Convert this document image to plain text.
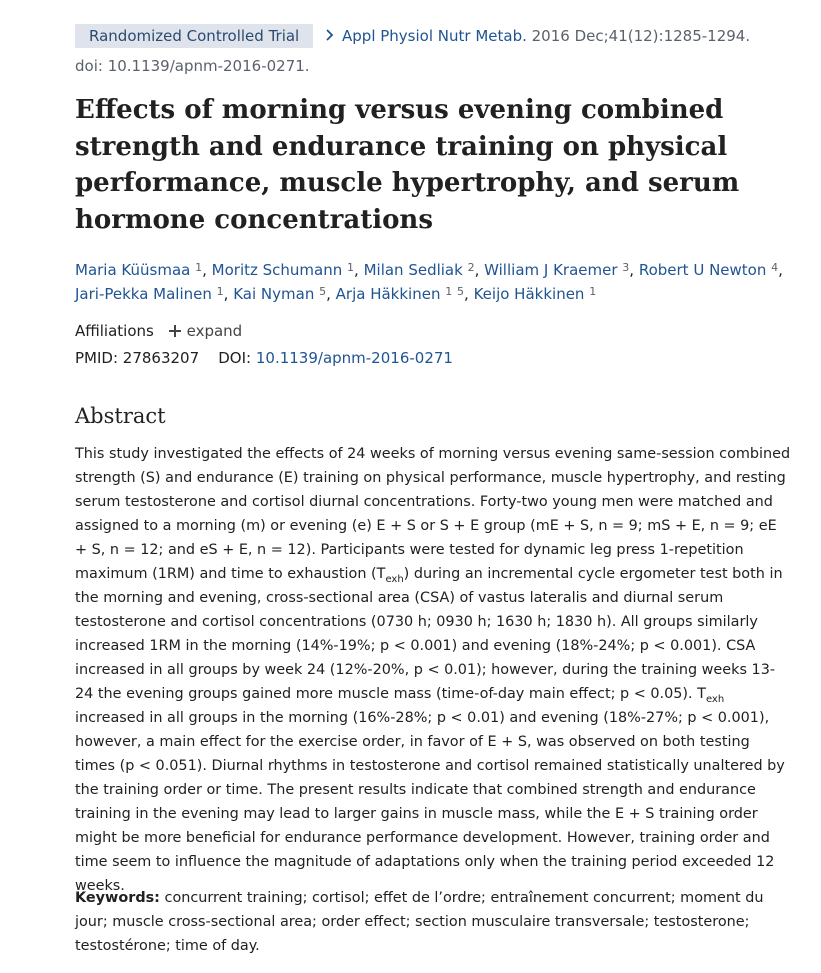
Randomized Controlled Trial	Appl Physiol Nutr Metab. 2016 Dec;41(12):1285-1294.
doi: 10.1139/apnm-2016-0271.
Effects of morning versus evening combined strength and endurance training on physical performance, muscle hypertrophy, and serum hormone concentrations
Maria Küüsmaa $^1$, Moritz Schumann $^1$, Milan Sedliak $^2$, William J Kraemer $^3$, Robert U Newton $^4$, Jari-Pekka Malinen $^1$, Kai Nyman $^5$, Arja Häkkinen $^1$ $^5$, Keijo Häkkinen $^1$
Affiliations expand
PMID: 27863207 DOI: 10.1139/apnm-2016-0271
Abstract

This study investigated the effects of 24 weeks of morning versus evening same-session combined strength (S) and endurance (E) training on physical performance, muscle hypertrophy, and resting serum testosterone and cortisol diurnal concentrations. Forty-two young men were matched and assigned to a morning (m) or evening (e) E + S or S + E group (mE + S, n = 9; mS + E, n = 9; eE + S, n = 12; and eS + E, n = 12). Participants were tested for dynamic leg press 1-repetition maximum (1RM) and time to exhaustion $(T_{exh})$ during an incremental cycle ergometer test both in the morning and evening, cross-sectional area (CSA) of vastus lateralis and diurnal serum testosterone and cortisol concentrations (0730 h; 0930 h; 1630 h; 1830 h). All groups similarly increased 1RM in the morning (14%-19%; p < 0.001) and evening (18%-24%; p < 0.001). CSA increased in all groups by week 24 (12%-20%, p < 0.01); however, during the training weeks 13-24 the evening groups gained more muscle mass (time-of-day main effect; p < 0.05). $T_{exh}$ increased in all groups in the morning (16%-28%; p < 0.01) and evening (18%-27%; p < 0.001), however, a main effect for the exercise order, in favor of E + S, was observed on both testing times (p < 0.051). Diurnal rhythms in testosterone and cortisol remained statistically unaltered by the training order or time. The present results indicate that combined strength and endurance training in the evening may lead to larger gains in muscle mass, while the E + S training order might be more beneficial for endurance performance development. However, training order and time seem to influence the magnitude of adaptations only when the training period exceeded 12 weeks.

Keywords: concurrent training; cortisol; effet de l’ordre; entraînement concurrent; moment du jour; muscle cross-sectional area; order effect; section musculaire transversale; testosterone; testostérone; time of day.
